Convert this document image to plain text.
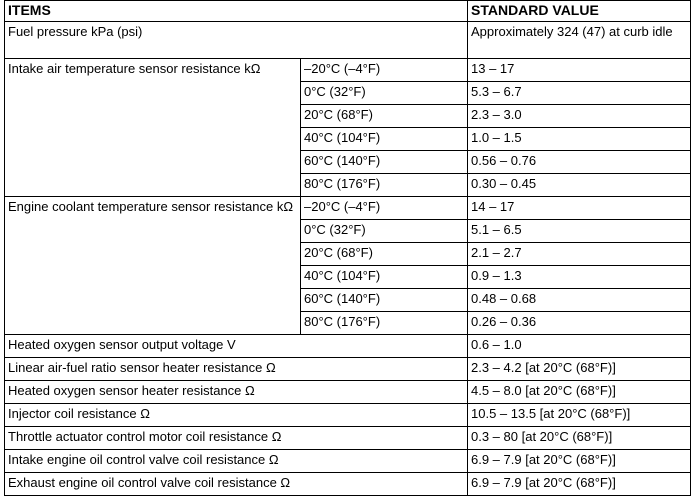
ITEMS		STANDARD VALUE
Fuel pressure kPa (psi)		Approximately 324 (47) at curb idle
Intake air temperature sensor resistance kΩ	–20°C (–4°F)	13 – 17
	0°C (32°F)	5.3 – 6.7
	20°C (68°F)	2.3 – 3.0
	40°C (104°F)	1.0 – 1.5
	60°C (140°F)	0.56 – 0.76
	80°C (176°F)	0.30 – 0.45
Engine coolant temperature sensor resistance kΩ	–20°C (–4°F)	14 – 17
	0°C (32°F)	5.1 – 6.5
	20°C (68°F)	2.1 – 2.7
	40°C (104°F)	0.9 – 1.3
	60°C (140°F)	0.48 – 0.68
	80°C (176°F)	0.26 – 0.36
Heated oxygen sensor output voltage V		0.6 – 1.0
Linear air-fuel ratio sensor heater resistance Ω		2.3 – 4.2 [at 20°C (68°F)]
Heated oxygen sensor heater resistance Ω		4.5 – 8.0 [at 20°C (68°F)]
Injector coil resistance Ω		10.5 – 13.5 [at 20°C (68°F)]
Throttle actuator control motor coil resistance Ω		0.3 – 80 [at 20°C (68°F)]
Intake engine oil control valve coil resistance Ω		6.9 – 7.9 [at 20°C (68°F)]
Exhaust engine oil control valve coil resistance Ω		6.9 – 7.9 [at 20°C (68°F)]
